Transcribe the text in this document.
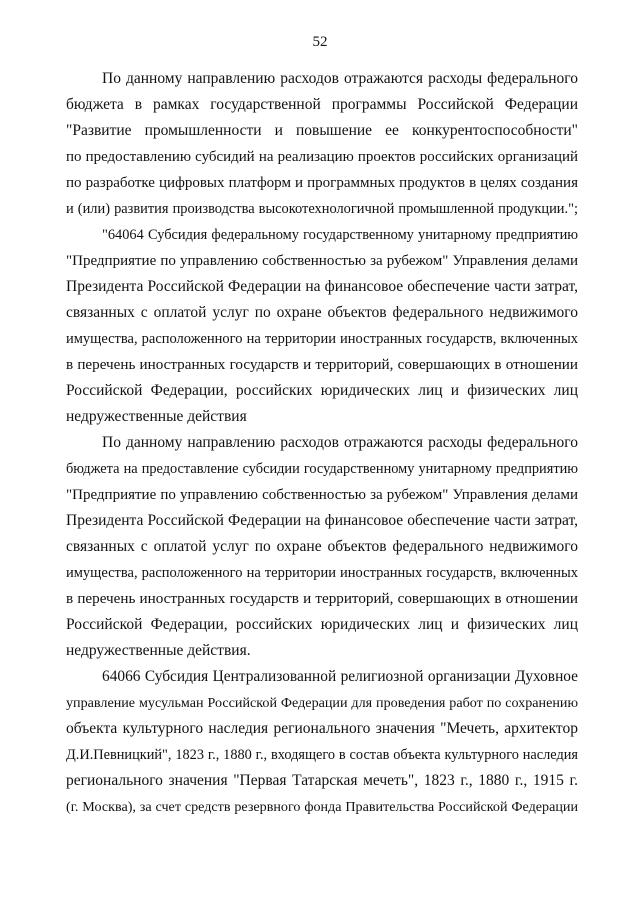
52

По данному направлению расходов отражаются расходы федерального
бюджета в рамках государственной программы Российской Федерации
"Развитие промышленности и повышение ее конкурентоспособности"
по предоставлению субсидий на реализацию проектов российских организаций
по разработке цифровых платформ и программных продуктов в целях создания
и (или) развития производства высокотехнологичной промышленной продукции.";

"64064 Субсидия федеральному государственному унитарному предприятию
"Предприятие по управлению собственностью за рубежом" Управления делами
Президента Российской Федерации на финансовое обеспечение части затрат,
связанных с оплатой услуг по охране объектов федерального недвижимого
имущества, расположенного на территории иностранных государств, включенных
в перечень иностранных государств и территорий, совершающих в отношении
Российской Федерации, российских юридических лиц и физических лиц
недружественные действия

По данному направлению расходов отражаются расходы федерального
бюджета на предоставление субсидии государственному унитарному предприятию
"Предприятие по управлению собственностью за рубежом" Управления делами
Президента Российской Федерации на финансовое обеспечение части затрат,
связанных с оплатой услуг по охране объектов федерального недвижимого
имущества, расположенного на территории иностранных государств, включенных
в перечень иностранных государств и территорий, совершающих в отношении
Российской Федерации, российских юридических лиц и физических лиц
недружественные действия.

64066 Субсидия Централизованной религиозной организации Духовное
управление мусульман Российской Федерации для проведения работ по сохранению
объекта культурного наследия регионального значения "Мечеть, архитектор
Д.И.Певницкий", 1823 г., 1880 г., входящего в состав объекта культурного наследия
регионального значения "Первая Татарская мечеть", 1823 г., 1880 г., 1915 г.
(г. Москва), за счет средств резервного фонда Правительства Российской Федерации
